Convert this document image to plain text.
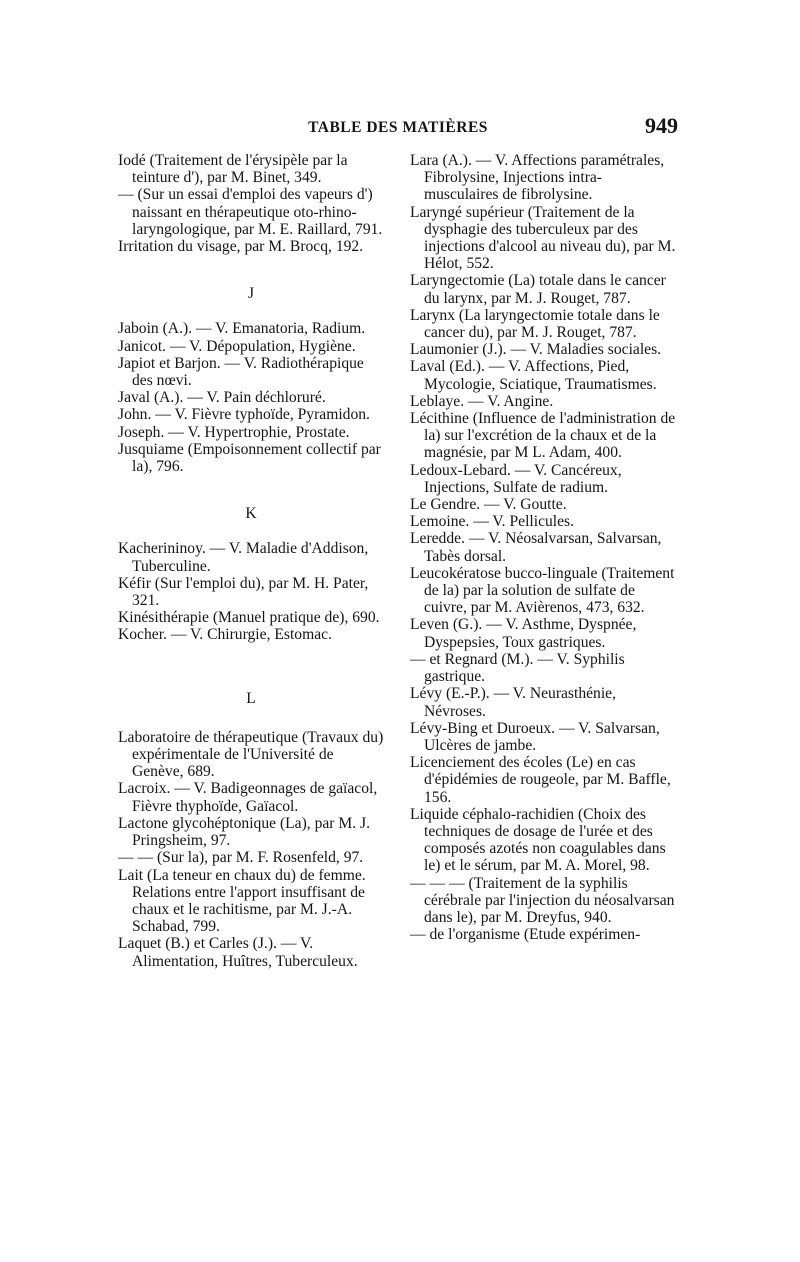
TABLE DES MATIÈRES	949

Iodé (Traitement de l'érysipèle par la teinture d'), par M. Binet, 349.

— (Sur un essai d'emploi des vapeurs d') naissant en thérapeutique oto-rhino-laryngologique, par M. E. Raillard, 791.

Irritation du visage, par M. Brocq, 192.

J

Jaboin (A.). — V. Emanatoria, Radium.

Janicot. — V. Dépopulation, Hygiène.

Japiot et Barjon. — V. Radiothérapique des nœvi.

Javal (A.). — V. Pain déchloruré.

John. — V. Fièvre typhoïde, Pyramidon.

Joseph. — V. Hypertrophie, Prostate.

Jusquiame (Empoisonnement collectif par la), 796.

K

Kacherininoy. — V. Maladie d'Addison, Tuberculine.

Kéfir (Sur l'emploi du), par M. H. Pater, 321.

Kinésithérapie (Manuel pratique de), 690.

Kocher. — V. Chirurgie, Estomac.

L

Laboratoire de thérapeutique (Travaux du) expérimentale de l'Université de Genève, 689.

Lacroix. — V. Badigeonnages de gaïacol, Fièvre thyphoïde, Gaïacol.

Lactone glycohéptonique (La), par M. J. Pringsheim, 97.

— — (Sur la), par M. F. Rosenfeld, 97.

Lait (La teneur en chaux du) de femme. Relations entre l'apport insuffisant de chaux et le rachitisme, par M. J.-A. Schabad, 799.

Laquet (B.) et Carles (J.). — V. Alimentation, Huîtres, Tuberculeux.

Lara (A.). — V. Affections paramétrales, Fibrolysine, Injections intra-musculaires de fibrolysine.

Laryngé supérieur (Traitement de la dysphagie des tuberculeux par des injections d'alcool au niveau du), par M. Hélot, 552.

Laryngectomie (La) totale dans le cancer du larynx, par M. J. Rouget, 787.

Larynx (La laryngectomie totale dans le cancer du), par M. J. Rouget, 787.

Laumonier (J.). — V. Maladies sociales.

Laval (Ed.). — V. Affections, Pied, Mycologie, Sciatique, Traumatismes.

Leblaye. — V. Angine.

Lécithine (Influence de l'administration de la) sur l'excrétion de la chaux et de la magnésie, par M L. Adam, 400.

Ledoux-Lebard. — V. Cancéreux, Injections, Sulfate de radium.

Le Gendre. — V. Goutte.

Lemoine. — V. Pellicules.

Leredde. — V. Néosalvarsan, Salvarsan, Tabès dorsal.

Leucokératose bucco-linguale (Traitement de la) par la solution de sulfate de cuivre, par M. Avièrenos, 473, 632.

Leven (G.). — V. Asthme, Dyspnée, Dyspepsies, Toux gastriques.

— et Regnard (M.). — V. Syphilis gastrique.

Lévy (E.-P.). — V. Neurasthénie, Névroses.

Lévy-Bing et Duroeux. — V. Salvarsan, Ulcères de jambe.

Licenciement des écoles (Le) en cas d'épidémies de rougeole, par M. Baffle, 156.

Liquide céphalo-rachidien (Choix des techniques de dosage de l'urée et des composés azotés non coagulables dans le) et le sérum, par M. A. Morel, 98.

— — — (Traitement de la syphilis cérébrale par l'injection du néosalvarsan dans le), par M. Dreyfus, 940.

— de l'organisme (Etude expérimen-
